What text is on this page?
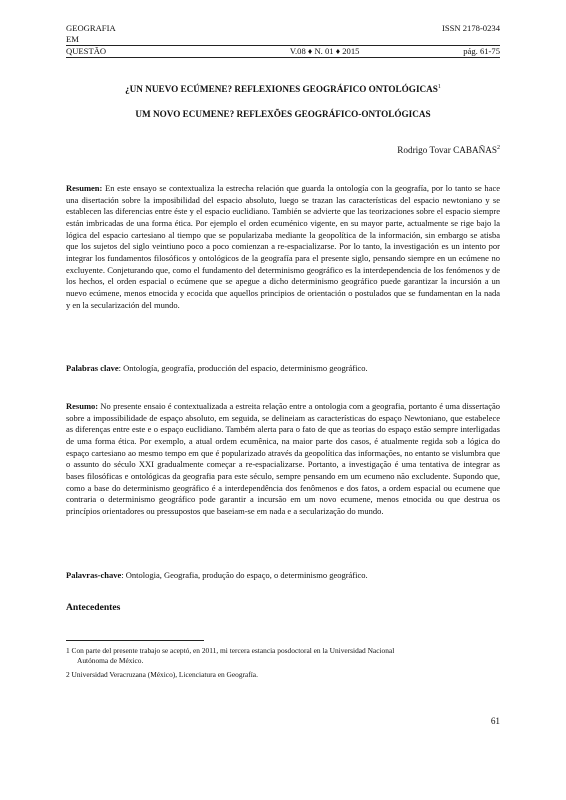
GEOGRAFIA	ISSN 2178-0234
EM
QUESTÃO	V.08 ♦ N. 01 ♦ 2015	pág. 61-75
¿UN NUEVO ECÚMENE? REFLEXIONES GEOGRÁFICO ONTOLÓGICAS$^1$
UM NOVO ECUMENE? REFLEXÕES GEOGRÁFICO-ONTOLÓGICAS
Rodrigo Tovar CABAÑAS$^2$

Resumen: En este ensayo se contextualiza la estrecha relación que guarda la ontología con la geografía, por lo tanto se hace una disertación sobre la imposibilidad del espacio absoluto, luego se trazan las características del espacio newtoniano y se establecen las diferencias entre éste y el espacio euclidiano. También se advierte que las teorizaciones sobre el espacio siempre están imbricadas de una forma ética. Por ejemplo el orden ecuménico vigente, en su mayor parte, actualmente se rige bajo la lógica del espacio cartesiano al tiempo que se popularizaba mediante la geopolítica de la información, sin embargo se atisba que los sujetos del siglo veintiuno poco a poco comienzan a re-espacializarse. Por lo tanto, la investigación es un intento por integrar los fundamentos filosóficos y ontológicos de la geografía para el presente siglo, pensando siempre en un ecúmene no excluyente. Conjeturando que, como el fundamento del determinismo geográfico es la interdependencia de los fenómenos y de los hechos, el orden espacial o ecúmene que se apegue a dicho determinismo geográfico puede garantizar la incursión a un nuevo ecúmene, menos etnocida y ecocida que aquellos principios de orientación o postulados que se fundamentan en la nada y en la secularización del mundo.

Palabras clave: Ontología, geografía, producción del espacio, determinismo geográfico.

Resumo: No presente ensaio é contextualizada a estreita relação entre a ontologia com a geografia, portanto é uma dissertação sobre a impossibilidade de espaço absoluto, em seguida, se delineiam as características do espaço Newtoniano, que estabelece as diferenças entre este e o espaço euclidiano. Também alerta para o fato de que as teorias do espaço estão sempre interligadas de uma forma ética. Por exemplo, a atual ordem ecumênica, na maior parte dos casos, é atualmente regida sob a lógica do espaço cartesiano ao mesmo tempo em que é popularizado através da geopolítica das informações, no entanto se vislumbra que o assunto do século XXI gradualmente começar a re-espacializarse. Portanto, a investigação é uma tentativa de integrar as bases filosóficas e ontológicas da geografia para este século, sempre pensando em um ecumeno não excludente. Supondo que, como a base do determinismo geográfico é a interdependência dos fenômenos e dos fatos, a ordem espacial ou ecumene que contraria o determinismo geográfico pode garantir a incursão em um novo ecumene, menos etnocida ou que destrua os princípios orientadores ou pressupostos que baseiam-se em nada e a secularização do mundo.

Palavras-chave: Ontologia, Geografia, produção do espaço, o determinismo geográfico.

Antecedentes

1 Con parte del presente trabajo se aceptó, en 2011, mi tercera estancia posdoctoral en la Universidad Nacional
Autónoma de México.

2 Universidad Veracruzana (México), Licenciatura en Geografía.

61
